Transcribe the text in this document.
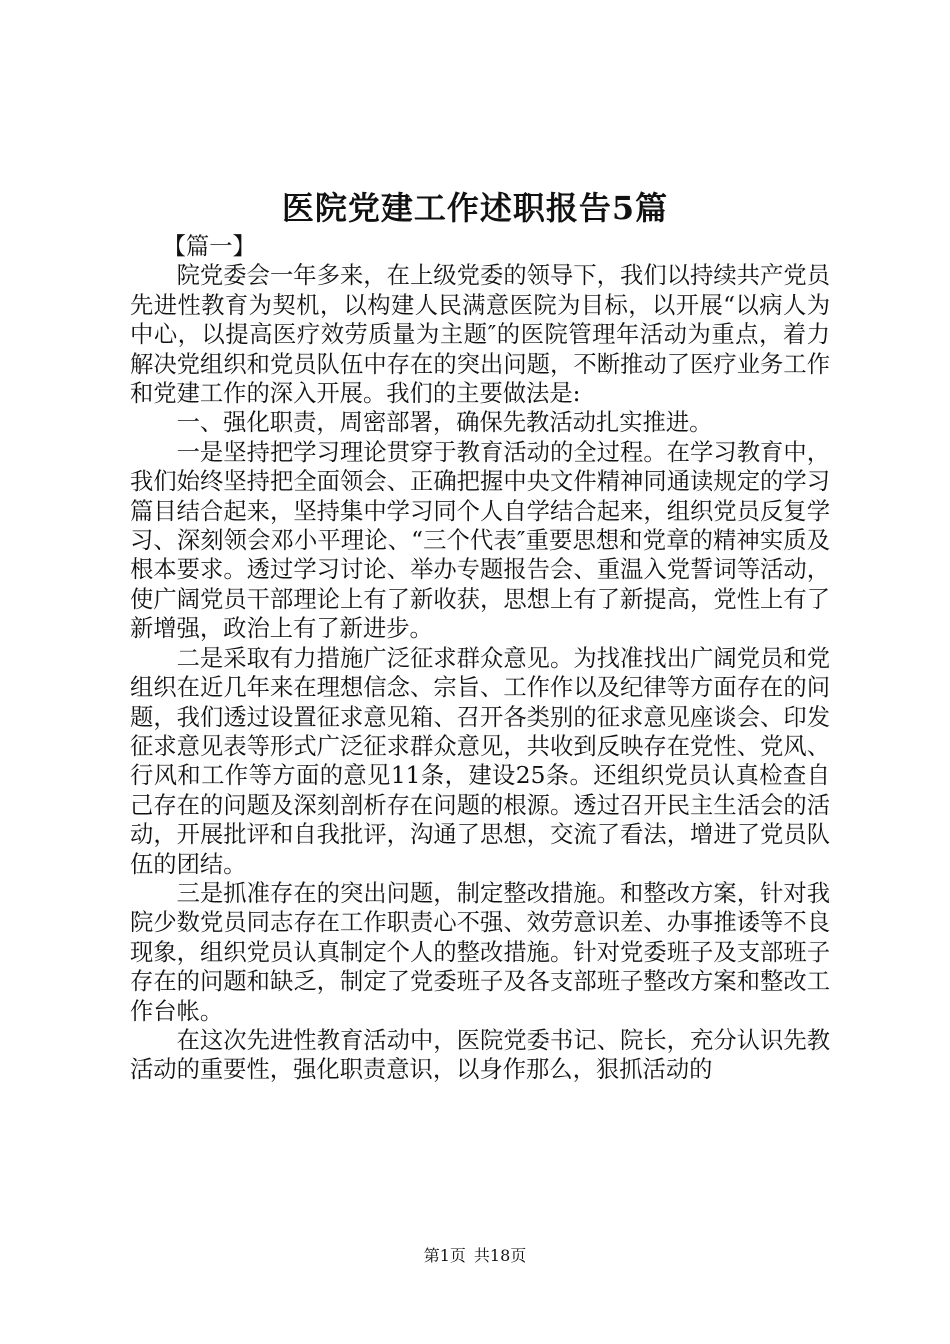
医院党建工作述职报告5篇

【篇一】

院党委会一年多来，在上级党委的领导下，我们以持续共产党员先进性教育为契机，以构建人民满意医院为目标，以开展“以病人为中心，以提高医疗效劳质量为主题″的医院管理年活动为重点，着力解决党组织和党员队伍中存在的突出问题，不断推动了医疗业务工作和党建工作的深入开展。我们的主要做法是:

一、强化职责，周密部署，确保先教活动扎实推进。

一是坚持把学习理论贯穿于教育活动的全过程。在学习教育中，我们始终坚持把全面领会、正确把握中央文件精神同通读规定的学习篇目结合起来，坚持集中学习同个人自学结合起来，组织党员反复学习、深刻领会邓小平理论、“三个代表″重要思想和党章的精神实质及根本要求。透过学习讨论、举办专题报告会、重温入党誓词等活动，使广阔党员干部理论上有了新收获，思想上有了新提高，党性上有了新增强，政治上有了新进步。

二是采取有力措施广泛征求群众意见。为找准找出广阔党员和党组织在近几年来在理想信念、宗旨、工作作以及纪律等方面存在的问题，我们透过设置征求意见箱、召开各类别的征求意见座谈会、印发征求意见表等形式广泛征求群众意见，共收到反映存在党性、党风、行风和工作等方面的意见11条，建设25条。还组织党员认真检查自己存在的问题及深刻剖析存在问题的根源。透过召开民主生活会的活动，开展批评和自我批评，沟通了思想，交流了看法，增进了党员队伍的团结。

三是抓准存在的突出问题，制定整改措施。和整改方案，针对我院少数党员同志存在工作职责心不强、效劳意识差、办事推诿等不良现象，组织党员认真制定个人的整改措施。针对党委班子及支部班子存在的问题和缺乏，制定了党委班子及各支部班子整改方案和整改工作台帐。

在这次先进性教育活动中，医院党委书记、院长，充分认识先教活动的重要性，强化职责意识，以身作那么，狠抓活动的

第1页 共18页
